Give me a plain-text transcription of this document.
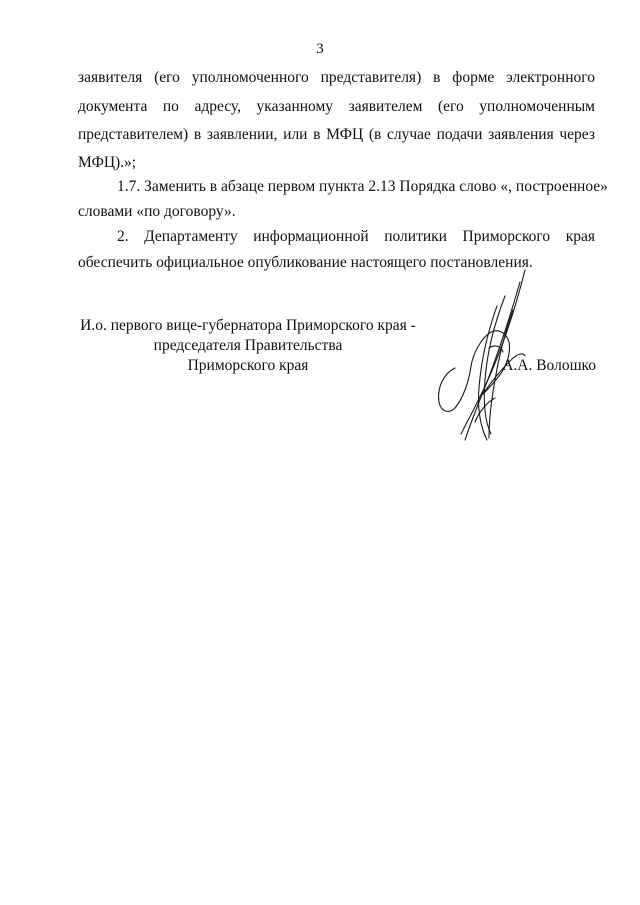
3
заявителя (его уполномоченного представителя) в форме электронного
документа по адресу, указанному заявителем (его уполномоченным
представителем) в заявлении, или в МФЦ (в случае подачи заявления через
МФЦ).»;
1.7. Заменить в абзаце первом пункта 2.13 Порядка слово «, построенное»
словами «по договору».
2. Департаменту информационной политики Приморского края
обеспечить официальное опубликование настоящего постановления.
И.о. первого вице-губернатора Приморского края -
председателя Правительства
Приморского края	А.А. Волошко
